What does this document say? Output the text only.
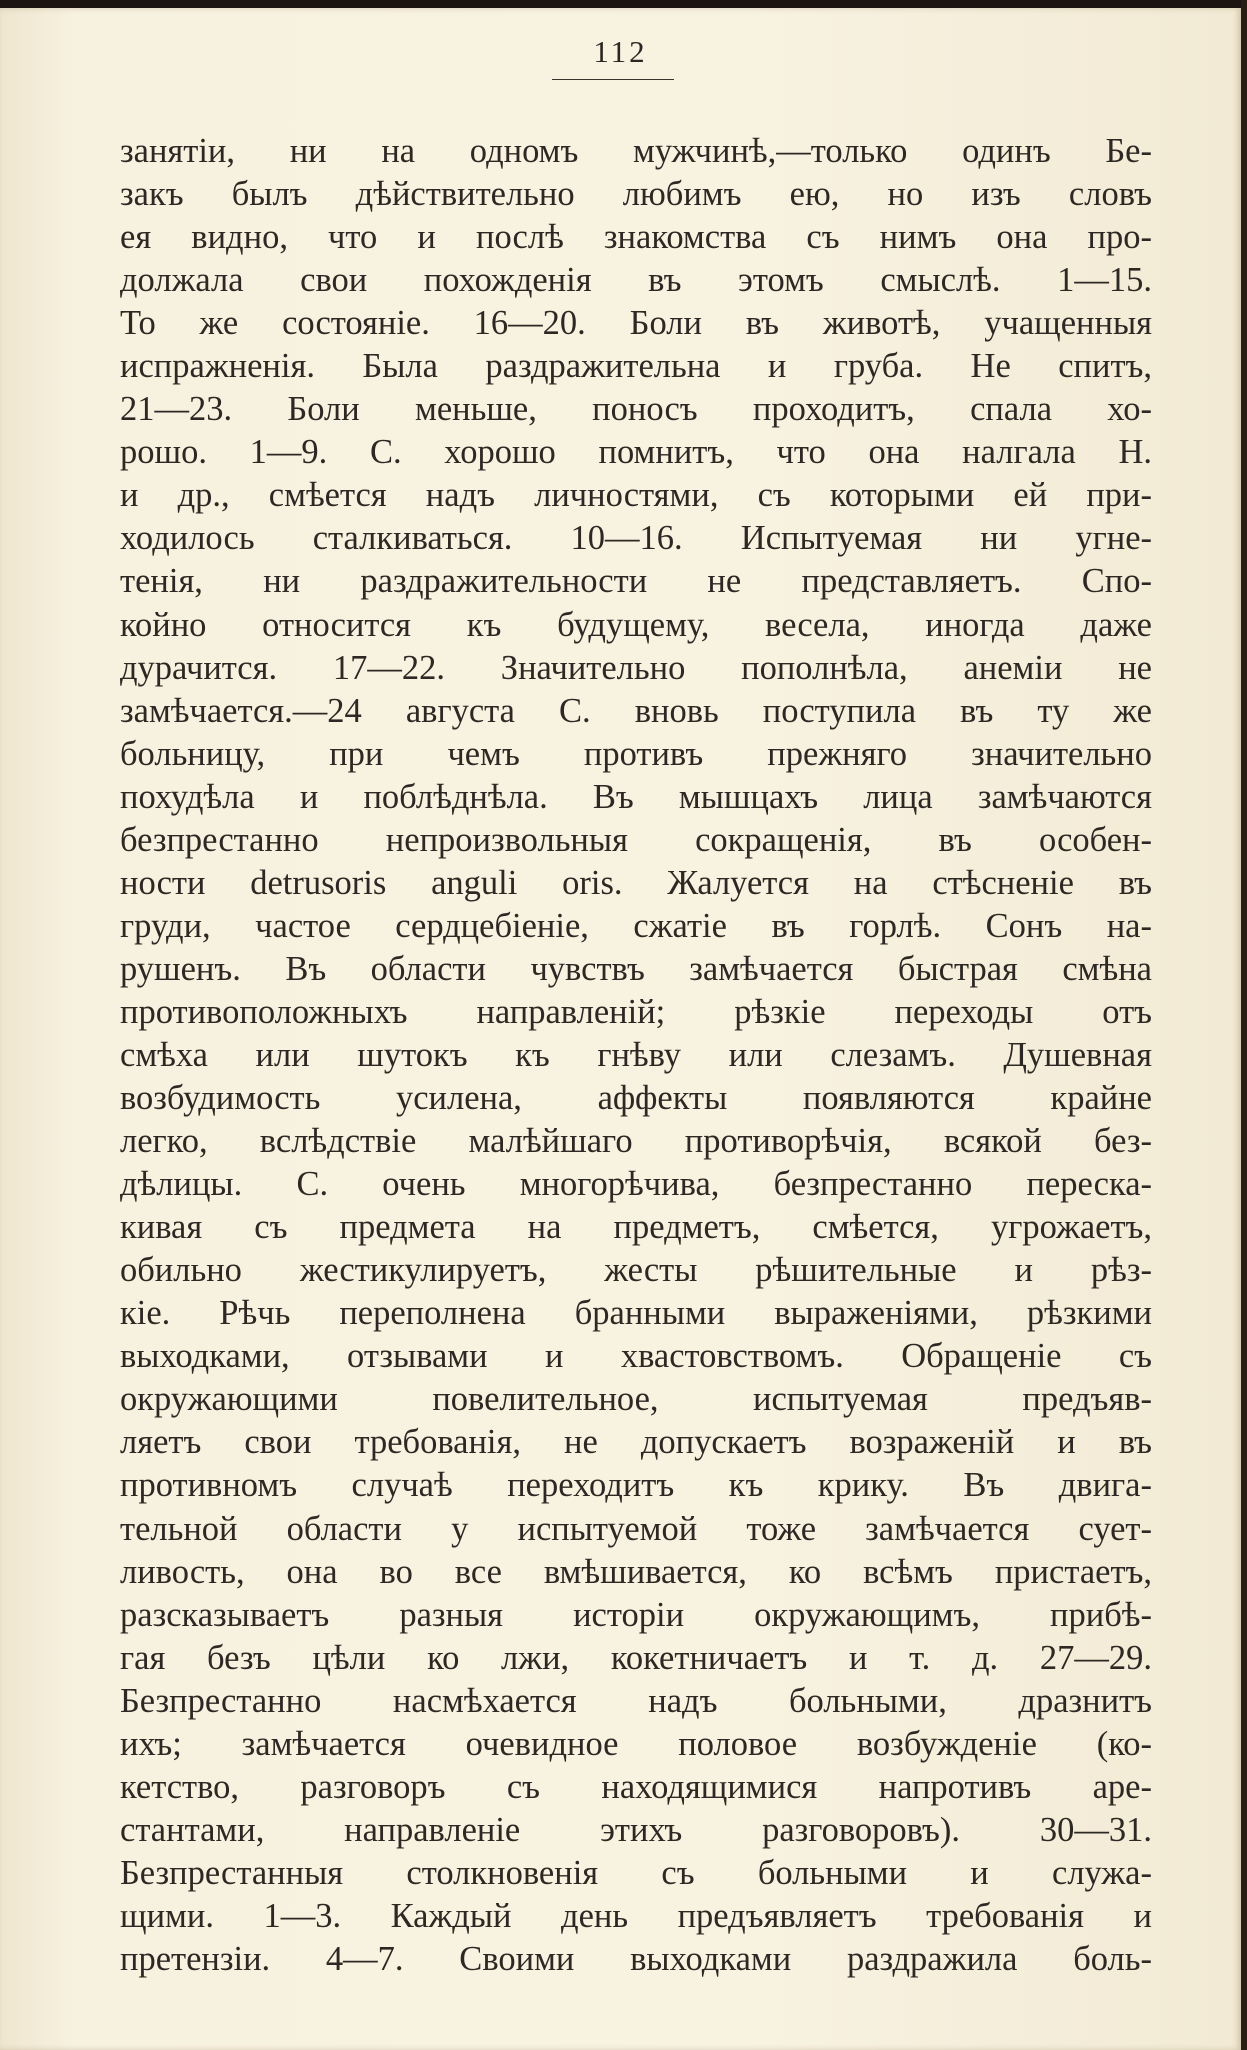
112
занятіи, ни на одномъ мужчинѣ,—только одинъ Бе-
закъ былъ дѣйствительно любимъ ею, но изъ словъ
ея видно, что и послѣ знакомства съ нимъ она про-
должала свои похожденія въ этомъ смыслѣ. 1—15.
То же состояніе. 16—20. Боли въ животѣ, учащенныя
испражненія. Была раздражительна и груба. Не спитъ,
21—23. Боли меньше, поносъ проходитъ, спала хо-
рошо. 1—9. С. хорошо помнитъ, что она налгала Н.
и др., смѣется надъ личностями, съ которыми ей при-
ходилось сталкиваться. 10—16. Испытуемая ни угне-
тенія, ни раздражительности не представляетъ. Спо-
койно относится къ будущему, весела, иногда даже
дурачится. 17—22. Значительно пополнѣла, анеміи не
замѣчается.—24 августа С. вновь поступила въ ту же
больницу, при чемъ противъ прежняго значительно
похудѣла и поблѣднѣла. Въ мышцахъ лица замѣчаются
безпрестанно непроизвольныя сокращенія, въ особен-
ности detrusoris anguli oris. Жалуется на стѣсненіе въ
груди, частое сердцебіеніе, сжатіе въ горлѣ. Сонъ на-
рушенъ. Въ области чувствъ замѣчается быстрая смѣна
противоположныхъ направленій; рѣзкіе переходы отъ
смѣха или шутокъ къ гнѣву или слезамъ. Душевная
возбудимость усилена, аффекты появляются крайне
легко, вслѣдствіе малѣйшаго противорѣчія, всякой без-
дѣлицы. С. очень многорѣчива, безпрестанно переска-
кивая съ предмета на предметъ, смѣется, угрожаетъ,
обильно жестикулируетъ, жесты рѣшительные и рѣз-
кіе. Рѣчь переполнена бранными выраженіями, рѣзкими
выходками, отзывами и хвастовствомъ. Обращеніе съ
окружающими повелительное, испытуемая предъяв-
ляетъ свои требованія, не допускаетъ возраженій и въ
противномъ случаѣ переходитъ къ крику. Въ двига-
тельной области у испытуемой тоже замѣчается сует-
ливость, она во все вмѣшивается, ко всѣмъ пристаетъ,
разсказываетъ разныя исторіи окружающимъ, прибѣ-
гая безъ цѣли ко лжи, кокетничаетъ и т. д. 27—29.
Безпрестанно насмѣхается надъ больными, дразнитъ
ихъ; замѣчается очевидное половое возбужденіе (ко-
кетство, разговоръ съ находящимися напротивъ аре-
стантами, направленіе этихъ разговоровъ). 30—31.
Безпрестанныя столкновенія съ больными и служа-
щими. 1—3. Каждый день предъявляетъ требованія и
претензіи. 4—7. Своими выходками раздражила боль-
